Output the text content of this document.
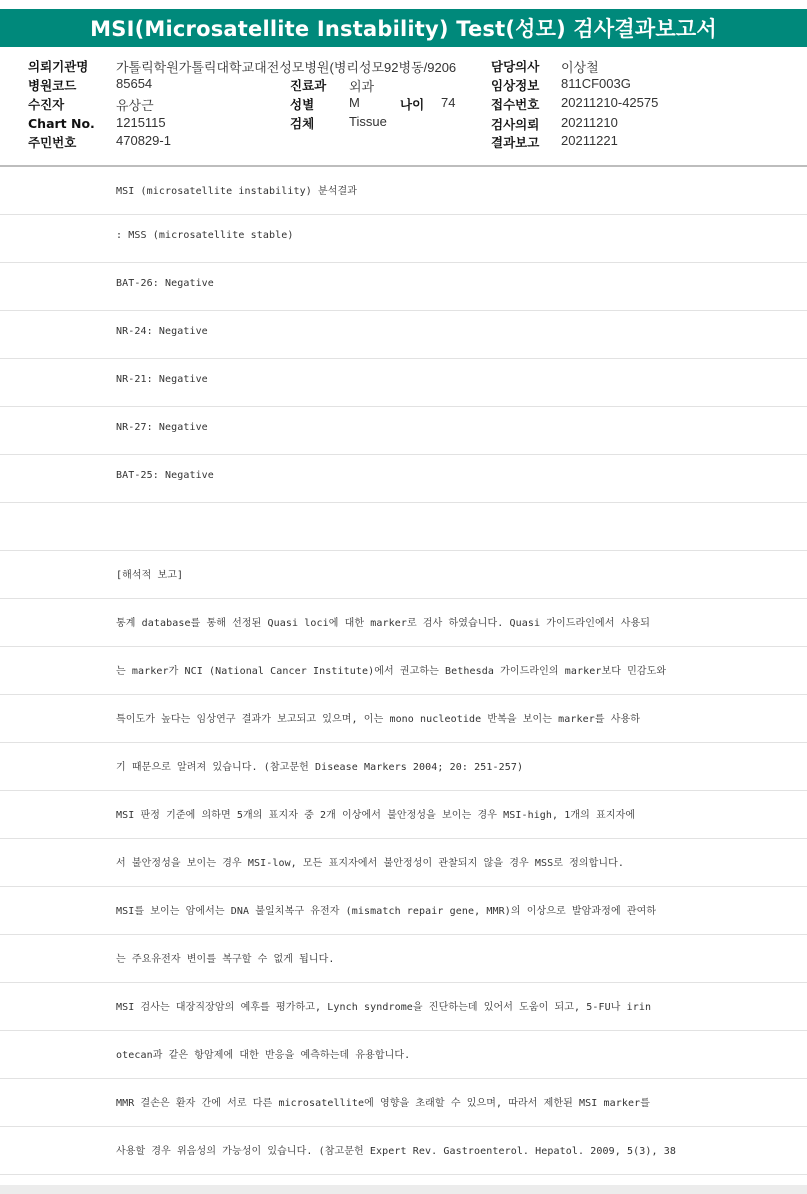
MSI(Microsatellite Instability) Test(성모) 검사결과보고서
의뢰기관명 가톨릭학원가톨릭대학교대전성모병원(병리성모92병동/9206
병원코드	85654
수진자	유상근
Chart No. 1215115
주민번호	470829-1
진료과 외과
성별	M	나이 74
검체	Tissue
담당의사 이상철
임상정보 811CF003G
접수번호 20211210-42575
검사의뢰 20211210
결과보고 20211221
MSI (microsatellite instability) 분석결과
: MSS (microsatellite stable)
BAT-26: Negative
NR-24: Negative
NR-21: Negative
NR-27: Negative
BAT-25: Negative
[해석적 보고]
통계 database를 통해 선정된 Quasi loci에 대한 marker로 검사 하였습니다. Quasi 가이드라인에서 사용되
는 marker가 NCI (National Cancer Institute)에서 권고하는 Bethesda 가이드라인의 marker보다 민감도와
특이도가 높다는 임상연구 결과가 보고되고 있으며, 이는 mono nucleotide 반복을 보이는 marker를 사용하
기 때문으로 알려져 있습니다. (참고문헌 Disease Markers 2004; 20: 251-257)
MSI 판정 기준에 의하면 5개의 표지자 중 2개 이상에서 불안정성을 보이는 경우 MSI-high, 1개의 표지자에
서 불안정성을 보이는 경우 MSI-low, 모든 표지자에서 불안정성이 관찰되지 않을 경우 MSS로 정의합니다.
MSI를 보이는 암에서는 DNA 불일치복구 유전자 (mismatch repair gene, MMR)의 이상으로 발암과정에 관여하
는 주요유전자 변이를 복구할 수 없게 됩니다.
MSI 검사는 대장직장암의 예후를 평가하고, Lynch syndrome을 진단하는데 있어서 도움이 되고, 5-FU나 irin
otecan과 같은 항암제에 대한 반응을 예측하는데 유용합니다.
MMR 결손은 환자 간에 서로 다른 microsatellite에 영향을 초래할 수 있으며, 따라서 제한된 MSI marker를
사용할 경우 위음성의 가능성이 있습니다. (참고문헌 Expert Rev. Gastroenterol. Hepatol. 2009, 5(3), 38
